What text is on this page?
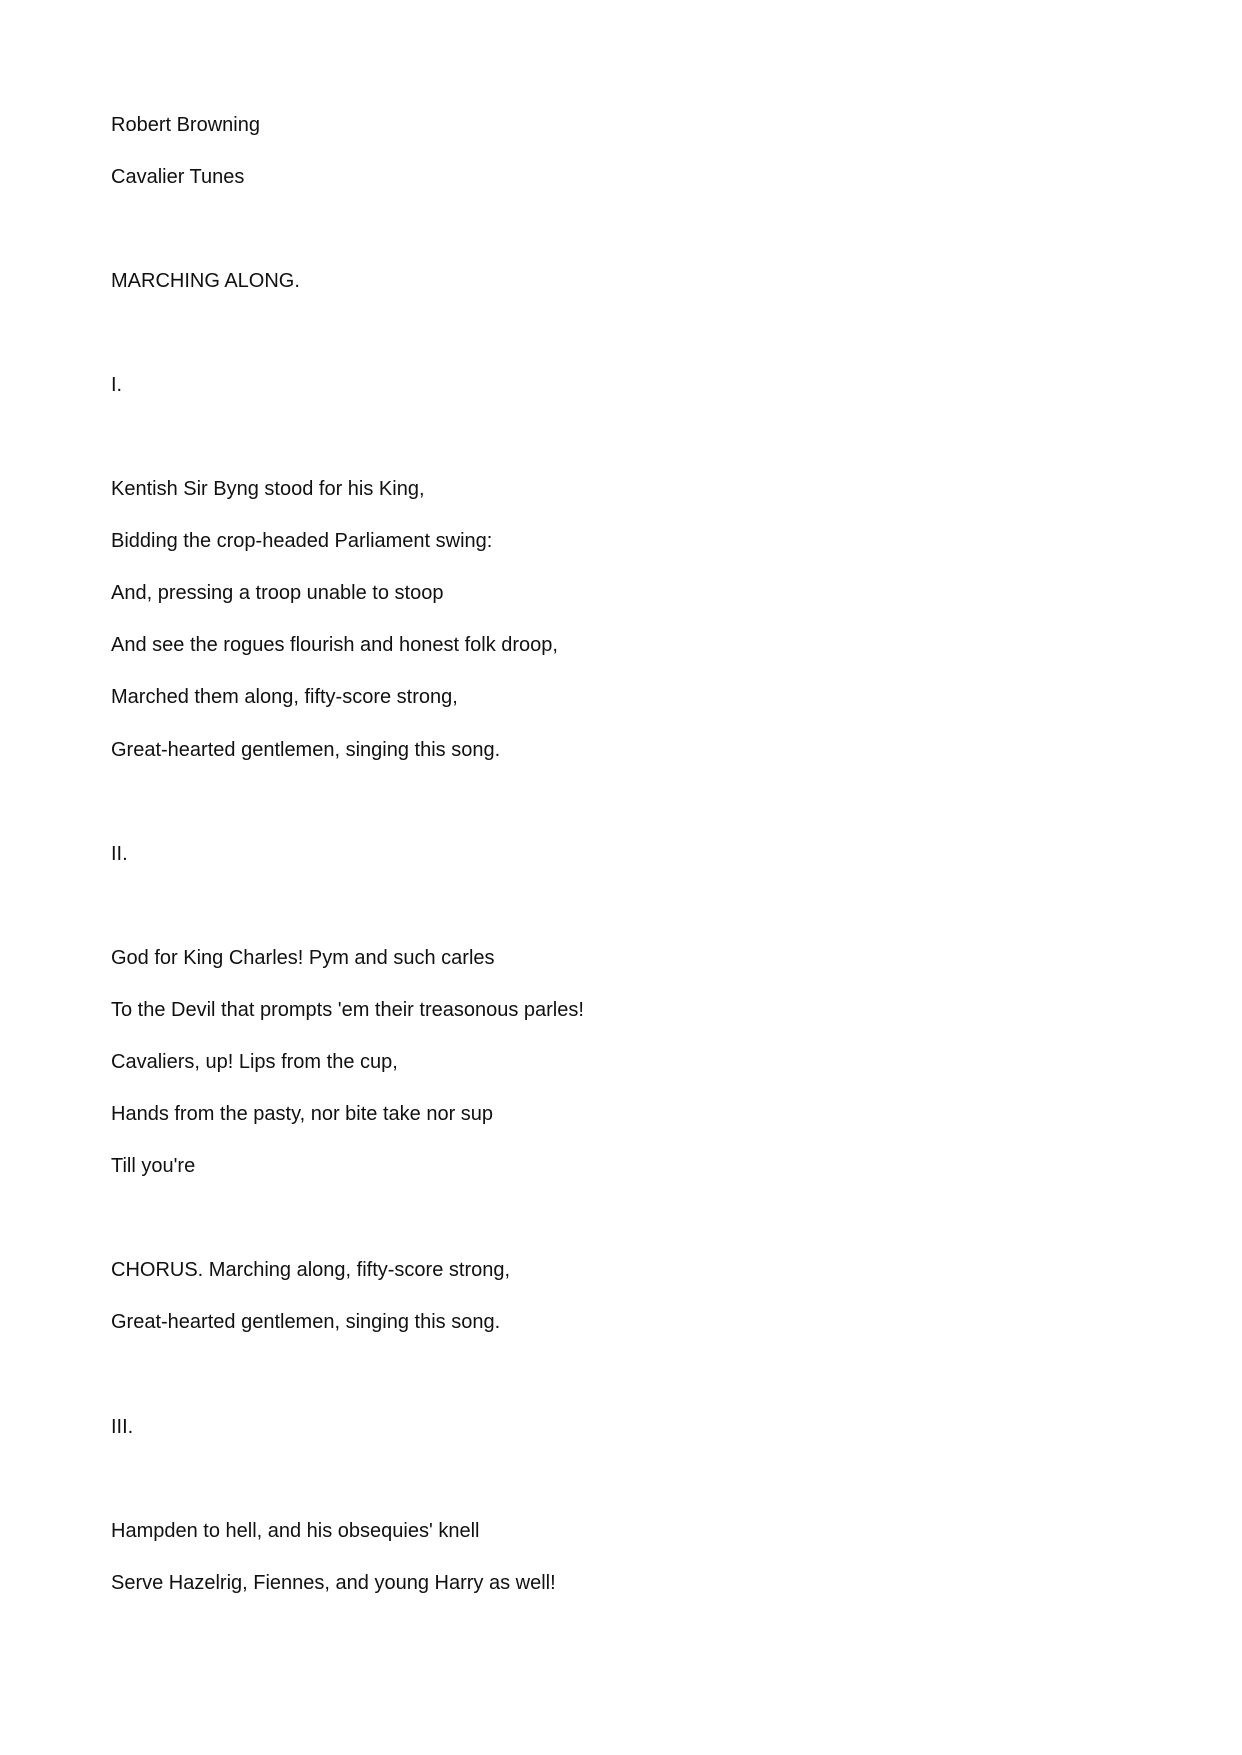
Robert Browning

Cavalier Tunes

MARCHING ALONG.

I.

Kentish Sir Byng stood for his King,

Bidding the crop-headed Parliament swing:

And, pressing a troop unable to stoop

And see the rogues flourish and honest folk droop,

Marched them along, fifty-score strong,

Great-hearted gentlemen, singing this song.

II.

God for King Charles! Pym and such carles

To the Devil that prompts 'em their treasonous parles!

Cavaliers, up! Lips from the cup,

Hands from the pasty, nor bite take nor sup

Till you're

CHORUS. Marching along, fifty-score strong,

Great-hearted gentlemen, singing this song.

III.

Hampden to hell, and his obsequies' knell

Serve Hazelrig, Fiennes, and young Harry as well!
